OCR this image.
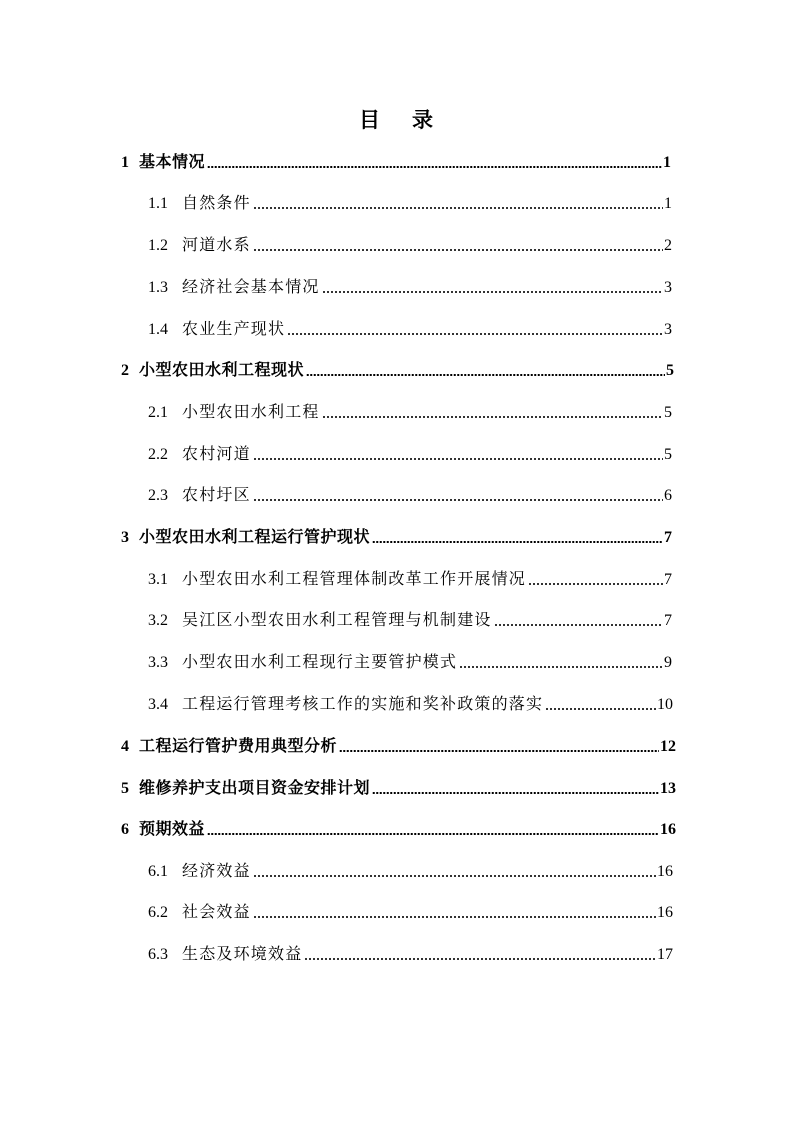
目 录
1 基本情况	1
1.1 自然条件	1
1.2 河道水系	2
1.3 经济社会基本情况	3
1.4 农业生产现状	3
2 小型农田水利工程现状	5
2.1 小型农田水利工程	5
2.2 农村河道	5
2.3 农村圩区	6
3 小型农田水利工程运行管护现状	7
3.1 小型农田水利工程管理体制改革工作开展情况	7
3.2 吴江区小型农田水利工程管理与机制建设	7
3.3 小型农田水利工程现行主要管护模式	9
3.4 工程运行管理考核工作的实施和奖补政策的落实	10
4 工程运行管护费用典型分析	12
5 维修养护支出项目资金安排计划	13
6 预期效益	16
6.1 经济效益	16
6.2 社会效益	16
6.3 生态及环境效益	17
